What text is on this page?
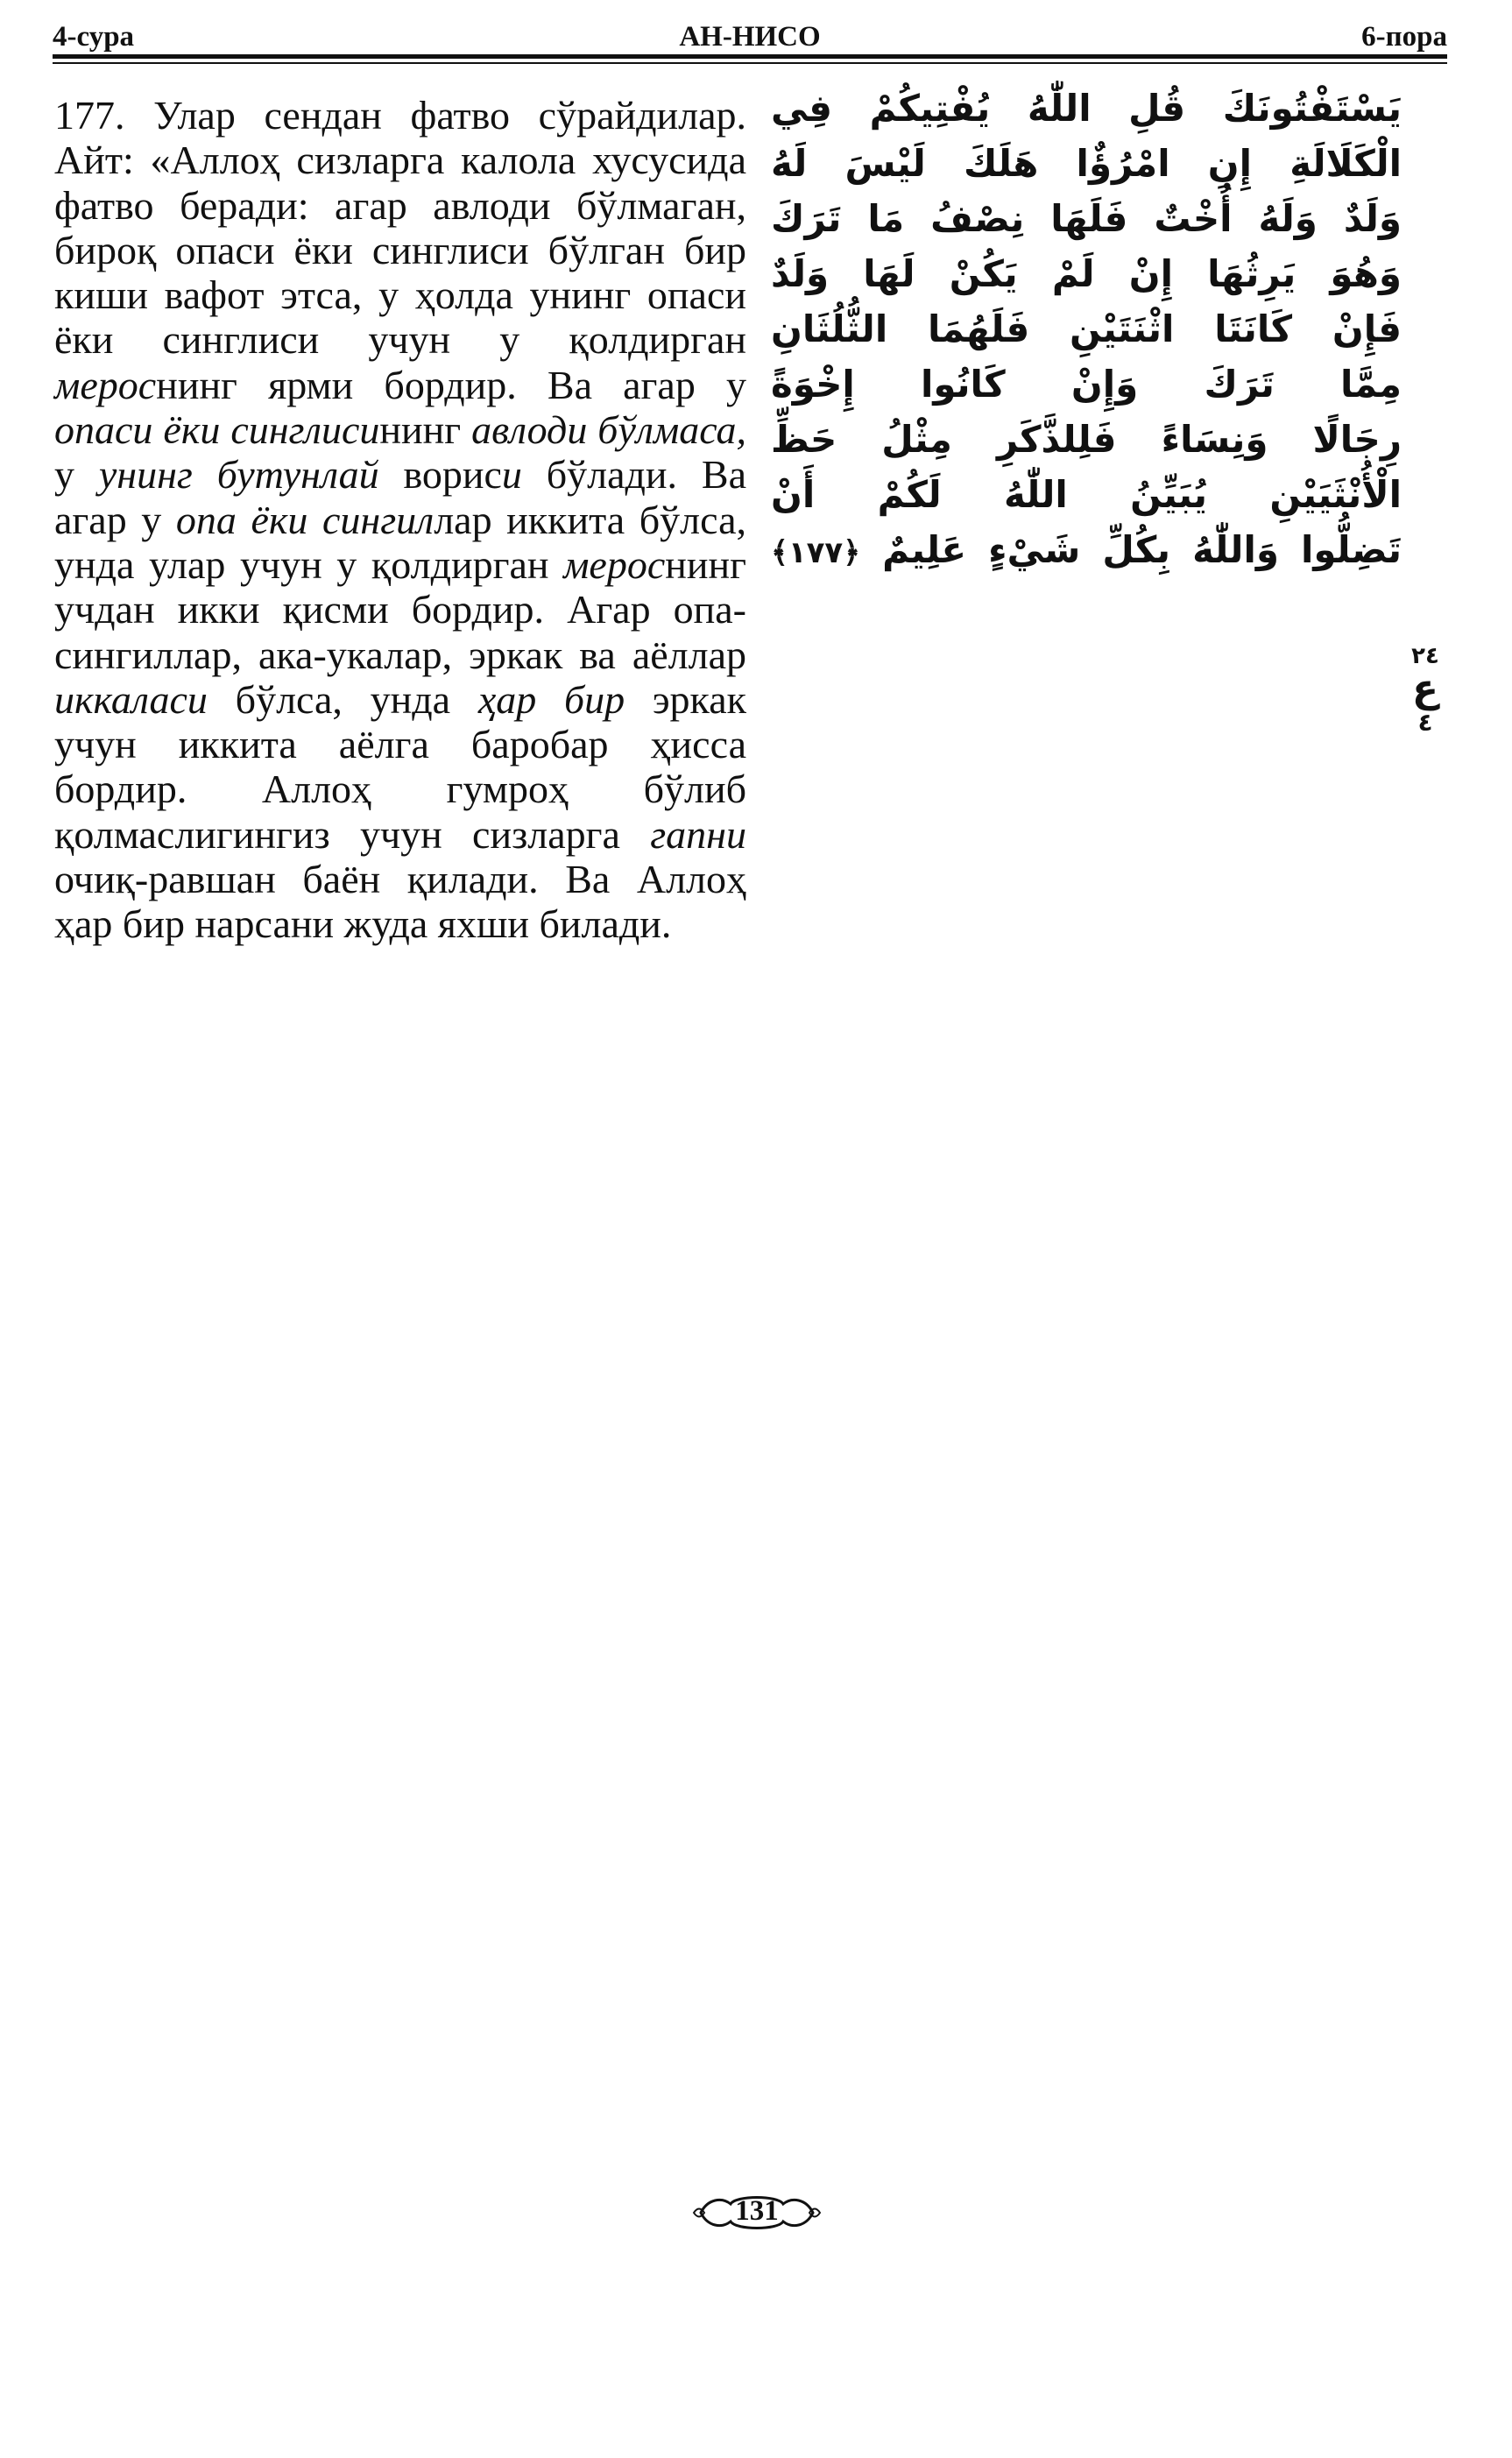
4-сура	АН-НИСО	6-пора

177. Улар сендан фатво сўрайдилар. Айт: «Аллоҳ сизларга калола хусусида фатво беради: агар авлоди бўлмаган, бироқ опаси ёки синглиси бўлган бир киши вафот этса, у ҳолда унинг опаси ёки синглиси учун у қолдирган мероснинг ярми бордир. Ва агар у опаси ёки синглисининг авлоди бўлмаса, у унинг бутунлай вориси бўлади. Ва агар у опа ёки сингиллар иккита бўлса, унда улар учун у қолдирган мероснинг учдан икки қисми бордир. Агар опа-сингиллар, ака-укалар, эркак ва аёллар иккаласи бўлса, унда ҳар бир эркак учун иккита аёлга баробар ҳисса бордир. Аллоҳ гумроҳ бўлиб қолмаслигингиз учун сизларга гапни очиқ-равшан баён қилади. Ва Аллоҳ ҳар бир нарсани жуда яхши билади.

يَسْتَفْتُونَكَ قُلِ اللّٰهُ يُفْتِيكُمْ فِي
الْكَلَالَةِ إِنِ امْرُؤٌا هَلَكَ لَيْسَ لَهُ
وَلَدٌ وَلَهُ أُخْتٌ فَلَهَا نِصْفُ مَا تَرَكَ
وَهُوَ يَرِثُهَا إِنْ لَمْ يَكُنْ لَهَا وَلَدٌ
فَإِنْ كَانَتَا اثْنَتَيْنِ فَلَهُمَا الثُّلُثَانِ
مِمَّا تَرَكَ وَإِنْ كَانُوا إِخْوَةً
رِجَالًا وَنِسَاءً فَلِلذَّكَرِ مِثْلُ حَظِّ
الْأُنْثَيَيْنِ يُبَيِّنُ اللّٰهُ لَكُمْ أَنْ
تَضِلُّوا وَاللّٰهُ بِكُلِّ شَيْءٍ عَلِيمٌ ﴿۱۷۷﴾
٢٤
ع
٤
131
